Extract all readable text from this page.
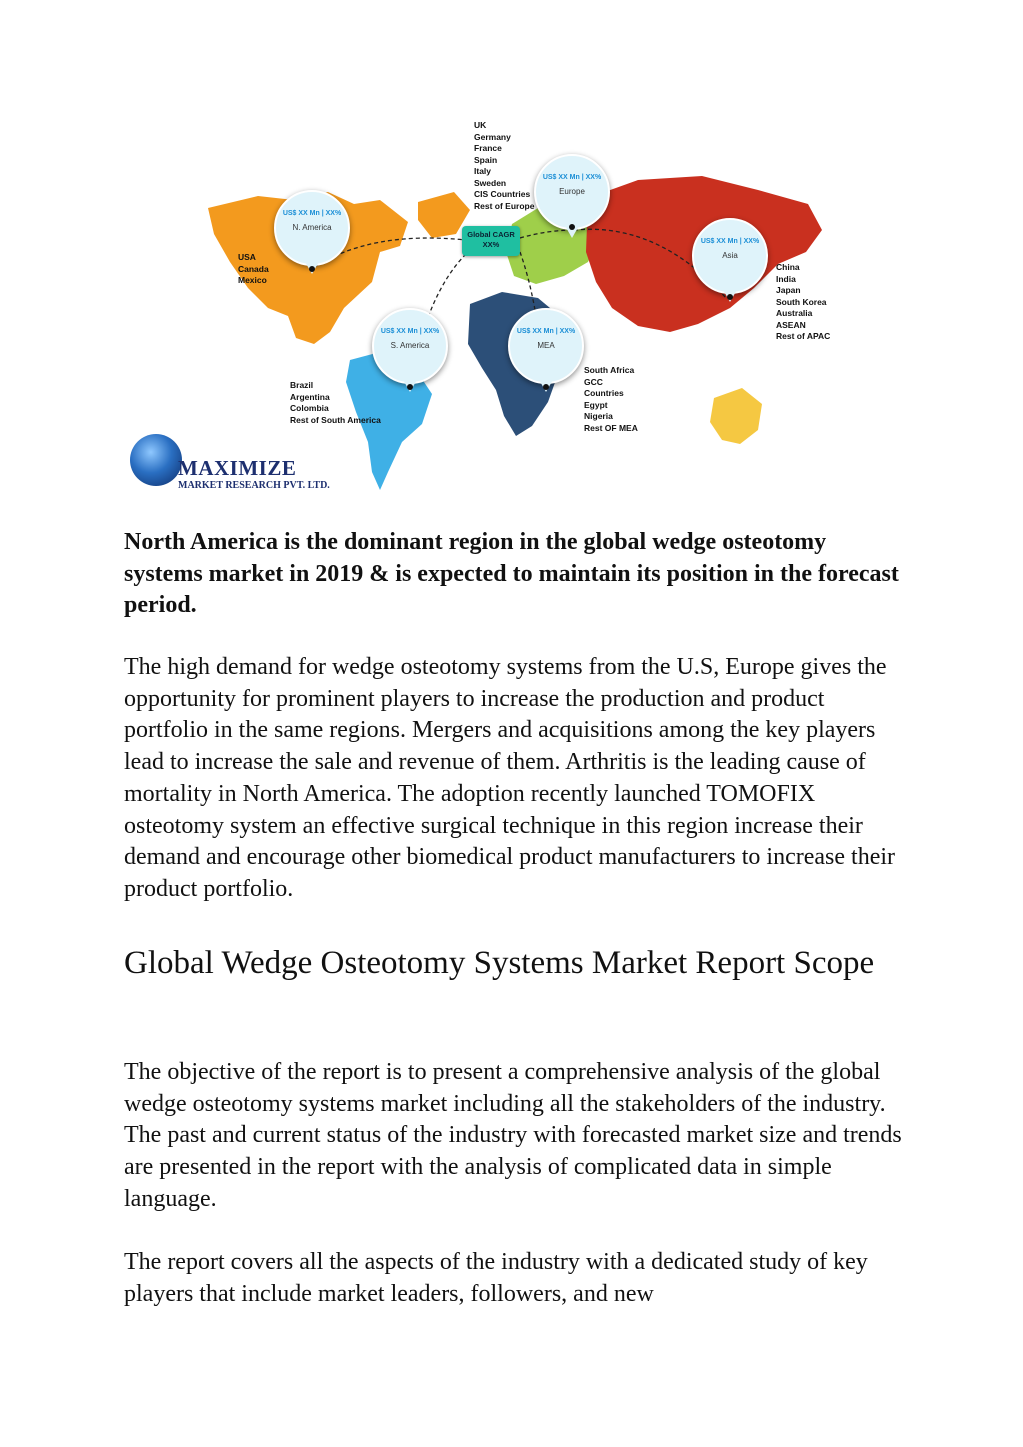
UK
Germany
France
Spain
Italy
Sweden
CIS Countries
Rest of Europe
USA
Canada
Mexico
China
India
Japan
South Korea
Australia
ASEAN
Rest of APAC
Brazil
Argentina
Colombia
Rest of South America
South Africa
GCC
Countries
Egypt
Nigeria
Rest OF MEA
US$ XX Mn | XX%
Europe
US$ XX Mn | XX%
N. America
US$ XX Mn | XX%
Asia
US$ XX Mn | XX%
S. America
US$ XX Mn | XX%
MEA
Global CAGR
XX%
MAXIMIZE
MARKET RESEARCH PVT. LTD.
North America is the dominant region in the global wedge osteotomy systems market in 2019 & is expected to maintain its position in the forecast period.
The high demand for wedge osteotomy systems from the U.S, Europe gives the opportunity for prominent players to increase the production and product portfolio in the same regions. Mergers and acquisitions among the key players lead to increase the sale and revenue of them. Arthritis is the leading cause of mortality in North America. The adoption recently launched TOMOFIX osteotomy system an effective surgical technique in this region increase their demand and encourage other biomedical product manufacturers to increase their product portfolio.
Global Wedge Osteotomy Systems Market Report Scope
The objective of the report is to present a comprehensive analysis of the global wedge osteotomy systems market including all the stakeholders of the industry. The past and current status of the industry with forecasted market size and trends are presented in the report with the analysis of complicated data in simple language.
The report covers all the aspects of the industry with a dedicated study of key players that include market leaders, followers, and new
